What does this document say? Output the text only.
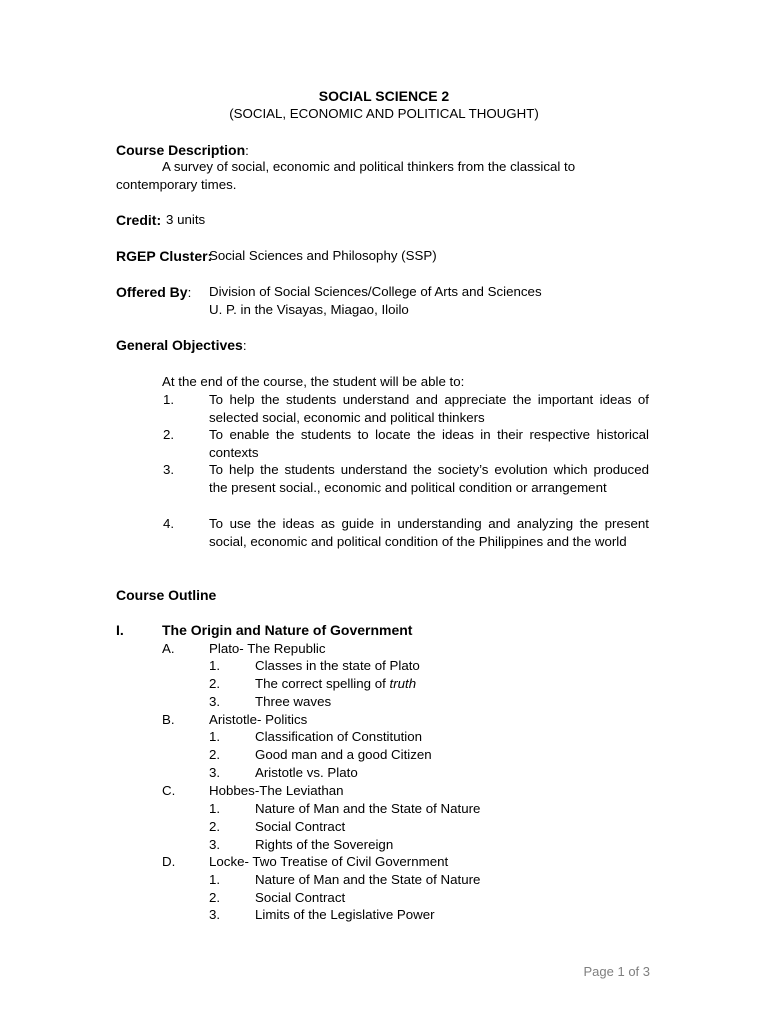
SOCIAL SCIENCE 2
(SOCIAL, ECONOMIC AND POLITICAL THOUGHT)
Course Description:
A survey of social, economic and political thinkers from the classical to
contemporary times.
Credit: 3 units
RGEP Cluster:
Social Sciences and Philosophy (SSP)
Offered By: Division of Social Sciences/College of Arts and Sciences
U. P. in the Visayas, Miagao, Iloilo
General Objectives:
At the end of the course, the student will be able to:
1.	To help the students understand and appreciate the important ideas of selected social, economic and political thinkers
2.	To enable the students to locate the ideas in their respective historical contexts
3.	To help the students understand the society’s evolution which produced the present social., economic and political condition or arrangement
4.	To use the ideas as guide in understanding and analyzing the present social, economic and political condition of the Philippines and the world
Course Outline
I.	The Origin and Nature of Government
A.	Plato- The Republic
1.	Classes in the state of Plato
2.	The correct spelling of truth
3.	Three waves
B.	Aristotle- Politics
1.	Classification of Constitution
2.	Good man and a good Citizen
3.	Aristotle vs. Plato
C.	Hobbes-The Leviathan
1.	Nature of Man and the State of Nature
2.	Social Contract
3.	Rights of the Sovereign
D.	Locke- Two Treatise of Civil Government
1.	Nature of Man and the State of Nature
2.	Social Contract
3.	Limits of the Legislative Power
Page 1 of 3
